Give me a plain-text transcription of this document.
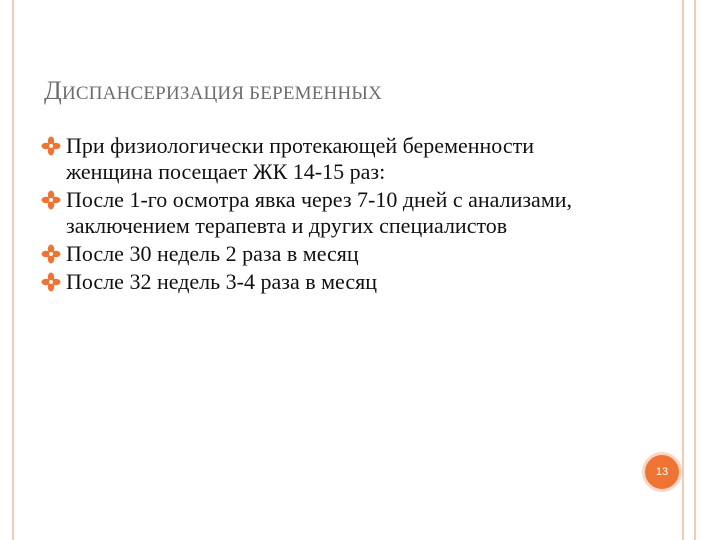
ДИСПАНСЕРИЗАЦИЯ БЕРЕМЕННЫХ
При физиологически протекающей беременности женщина посещает ЖК 14-15 раз:
После 1-го осмотра явка через 7-10 дней с анализами, заключением терапевта и других специалистов
После 30 недель 2 раза в месяц
После 32 недель 3-4 раза в месяц
13
